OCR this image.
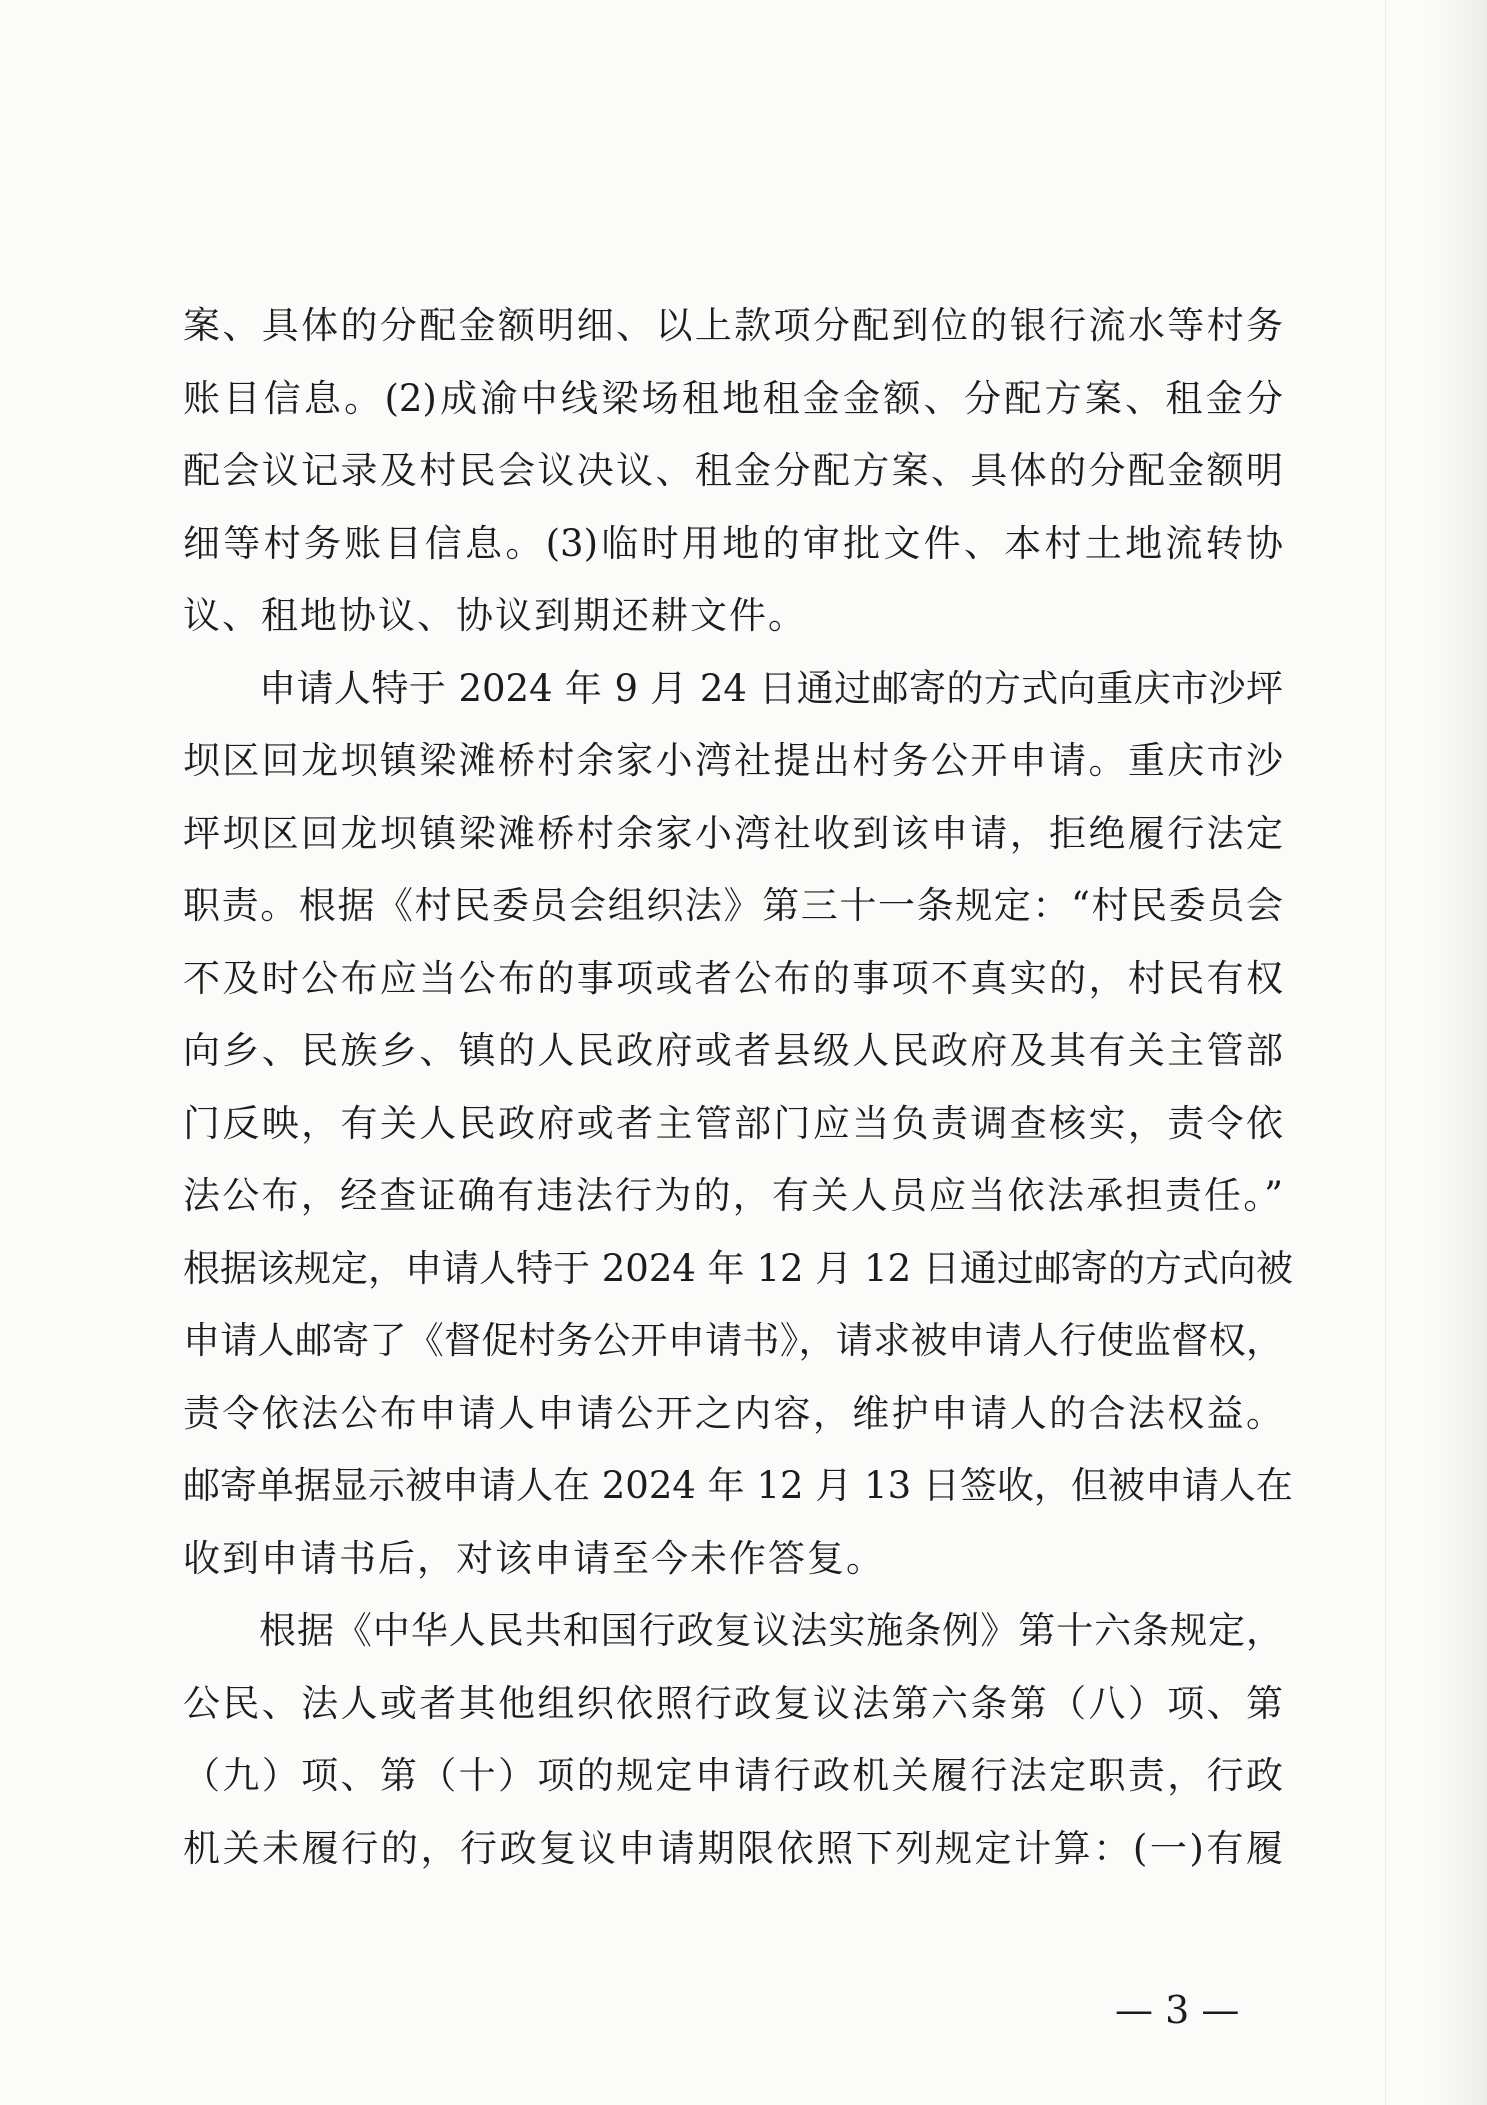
案、具体的分配金额明细、以上款项分配到位的银行流水等村务
账目信息。(2)成渝中线梁场租地租金金额、分配方案、租金分
配会议记录及村民会议决议、租金分配方案、具体的分配金额明
细等村务账目信息。(3)临时用地的审批文件、本村土地流转协
议、租地协议、协议到期还耕文件。
申请人特于 2024 年 9 月 24 日通过邮寄的方式向重庆市沙坪
坝区回龙坝镇梁滩桥村余家小湾社提出村务公开申请。重庆市沙
坪坝区回龙坝镇梁滩桥村余家小湾社收到该申请，拒绝履行法定
职责。根据《村民委员会组织法》第三十一条规定：“村民委员会
不及时公布应当公布的事项或者公布的事项不真实的，村民有权
向乡、民族乡、镇的人民政府或者县级人民政府及其有关主管部
门反映，有关人民政府或者主管部门应当负责调查核实，责令依
法公布，经查证确有违法行为的，有关人员应当依法承担责任。”
根据该规定，申请人特于 2024 年 12 月 12 日通过邮寄的方式向被
申请人邮寄了《督促村务公开申请书》，请求被申请人行使监督权，
责令依法公布申请人申请公开之内容，维护申请人的合法权益。
邮寄单据显示被申请人在 2024 年 12 月 13 日签收，但被申请人在
收到申请书后，对该申请至今未作答复。
根据《中华人民共和国行政复议法实施条例》第十六条规定，
公民、法人或者其他组织依照行政复议法第六条第（八）项、第
（九）项、第（十）项的规定申请行政机关履行法定职责，行政
机关未履行的，行政复议申请期限依照下列规定计算：(一)有履
— 3 —
